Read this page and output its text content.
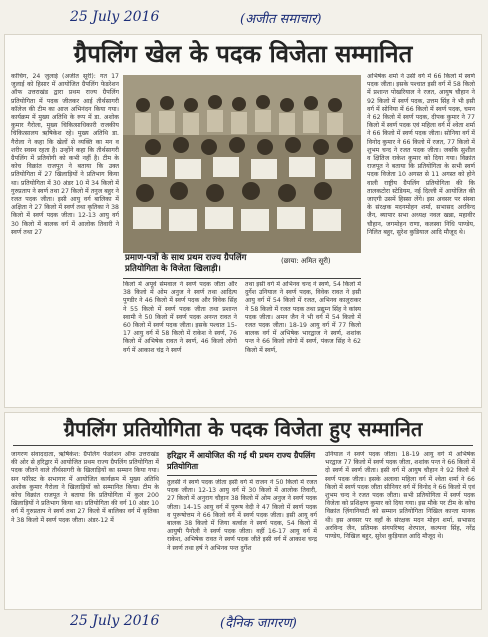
25 July 2016	(अजीत समाचार)
ग्रैपलिंग खेल के पदक विजेता सम्मानित
कोचिंग, 24 जुलाई (अजीत सूरी): गत 17 जुलाई को हिसार में आयोजित ग्रैपलिंग फेडरेशन ऑफ उत्तराखंड द्वारा प्रथम राज्य ग्रैपलिंग प्रतियोगिता में पदक जीतकर आई तीर्थसागरी कॉलेज की टीम का आज अभिनंदन किया गया। कार्यक्रम में मुख्य अतिथि के रूप में डा. अशोक कुमार गैरोला, मुख्य चिकित्साधिकारी राजकीय चिकित्सालय ऋषिकेश रहे। मुख्य अतिथि डा. गैरोला ने कहा कि खेलों से व्यक्ति का मन व शरीर स्वस्थ रहता है। उन्होंने कहा कि तीर्थसागरी ग्रैपलिंग में प्रतियोगी को कभी नहीं है। टीम के कोच विक्रांत राजपूत ने बताया कि उक्त प्रतियोगिता में 27 खिलाड़ियों ने प्रतिभाग किया था। प्रतियोगिता में 30 अंडर 10 में 34 किलो में गुरुप्रताप ने स्वर्ण तथा 27 किलो में तनुज बहुर ने रजत पदक जीता। इसी आयु वर्ग बालिका में अक्षिता ने 27 किलो में स्वर्ण तथा कृतिका ने 38 किलो में स्वर्ण पदक जीता। 12-13 आयु वर्ग 30 किलो में बालक वर्ग में आलोक तिवारी ने स्वर्ण तथा 27
(छाया: अमित सूरी)
प्रमाण-पत्रों के साथ प्रथम राज्य ग्रैपलिंग प्रतियोगिता के विजेता खिलाड़ी।
किलो में अपूर्व सेमवाल ने स्वर्ण पदक जीता और 38 किलो में ओम अनुज ने स्वर्ण तथा आदित्य पुण्डीर ने 46 किलो में स्वर्ण पदक और विवेक सिंह ने 55 किलो में स्वर्ण पदक जीता तथा प्रशान्त स्वामी ने 50 किलो में स्वर्ण पदक अनन्त रावत ने 60 किलो में स्वर्ण पदक जीता। इसके पश्चात 15-17 आयु वर्ग में 58 किलो में राकेश ने स्वर्ण, 76 किलो में अभिषेक रावत ने स्वर्ण, 46 किलो लोगो वर्ग में आकाश चंद्र ने स्वर्ण
तथा इसी वर्ग में अभिनव चन्द ने स्वर्ण, 54 किलो में दुर्गेश उनियाल ने स्वर्ण पदक, विवेक रावत ने इसी आयु वर्ग में 54 किलो में रजत, अभिनव कालुराकर ने 58 किलो में रजत पदक तथा प्रद्युम्न सिंह ने कांस्य पदक जीता। अमन जैन ने भी वर्ग में 54 किलो में रजत पदक जीता। 18-19 आयु वर्ग में 77 किलो बालक वर्ग में अभिषेक भारद्वाज ने स्वर्ण, शशांक पन्त ने 66 किलो लोगो में स्वर्ण, पंकज सिंह ने 62 किलो में स्वर्ण,
अभिषेक शर्मा ने उसी वर्ग में 66 किलो में स्वर्ण पदक जीता। इसके पश्चात इसी वर्ग में 58 किलो में प्रशान्त पोखरियाल ने रजत, आयुष चौहान ने 92 किलो में स्वर्ण पदक, उत्तम सिंह ने भी इसी वर्ग में सोनिया में 66 किलो में स्वर्ण पदक, चमन ने 62 किलो में स्वर्ण पदक, दीपक कुमार ने 77 किलो में स्वर्ण पदक एवं महिला वर्ग में श्वेता शर्मा ने 66 किलो में स्वर्ण पदक जीता। सोनिया वर्ग में विनोद कुमार ने 66 किलो में रजत, 77 किलो में शुभम चन्द ने रजत पदक जीता। जबकि सुशील व क्षितिज राकेश कुमार को दिया गया। विक्रांत राजपूत ने बताया कि प्रतियोगिता के सभी स्वर्ण पदक विजेता 10 अगस्त से 11 अगस्त को होने वाली राष्ट्रीय ग्रैपलिंग प्रतियोगिता की कि तालकटोरा स्टेडियम, नई दिल्ली में आयोजित की जाएगी उसमें हिस्सा लेंगे। इस अवसर पर संस्था के संरक्षक मदनमोहन शर्मा, सभासद अरविन्द जैन, ब्यापार सभा अध्यक्ष नवल खन्ना, महावीर चौहान, जगमोहन राणा, कलस्वा निधि पाण्डेय, निलित बहुर, सुरेश कुडियाल आदि मौजूद थे।
ग्रैपलिंग प्रतियोगिता के पदक विजेता हुए सम्मानित
जागरण संवाददाता, ऋषिकेश: ग्रैपलिंग फेडरेशन ऑफ उत्तराखंड की ओर से हरिद्वार में आयोजित प्रथम राज्य ग्रैपलिंग प्रतियोगिता में पदक जीतने वाले तीर्थसागरी के खिलाड़ियों का सम्मान किया गया। सन फॉरेस्ट के सभागार में आयोजित कार्यक्रम में मुख्य अतिथि अशोक कुमार गैरोला ने खिलाड़ियों को सम्मानित किया। टीम के कोच विक्रांत राजपूत ने बताया कि प्रतियोगिता में कुल 200 खिलाड़ियों ने प्रतिभाग किया था। प्रतियोगिता की वर्ग 10 अंडर 10 वर्ग में गुरुप्रताप ने स्वर्ण तथा 27 किलो में बालिका वर्ग में कृतिका ने 38 किलो में स्वर्ण पदक जीता। अंडर-12 में
हरिद्वार में आयोजित की गई थी प्रथम राज्य ग्रैपलिंग प्रतियोगिता
तुलसी ने स्वर्ण पदक जीता इसी वर्ग में राजन ने 50 किलो में रजत पदक जीता। 12-13 आयु वर्ग में 30 किलो में आलोक तिवारी, 27 किलो में अनुराग चौहान 38 किलो में ओम अनुज ने स्वर्ण पदक जीता। 14-15 आयु वर्ग में पुरूष वेदी ने 47 किलो में स्वर्ण पदक व पुरूषोत्तम ने 66 किलो वर्ग में स्वर्ण पदक जीता। इसी आयु वर्ग बालक 38 किलो में जिया बर्त्वाल ने स्वर्ण पदक, 54 किलो में आयुषी पैनोली ने स्वर्ण पदक जीता। वहीं 16-17 आयु वर्ग में राकेश, अभिषेक रावत ने स्वर्ण पदक जीते इसी वर्ग में आकाश चन्द्र ने स्वर्ण तथा हर्ष ने अभिनव पन्त दुर्गेश
उनियाल ने स्वर्ण पदक जीता। 18-19 आयु वर्ग में अभिषेक भरद्वाज 77 किलो में स्वर्ण पदक जीता, शशांक पन्त ने 66 किलो में दो स्वर्ण में स्वर्ण जीता। इसी वर्ग में आयुष चौहान ने 92 किलो में स्वर्ण पदक जीता। इसके अलावा महिला वर्ग में श्वेता शर्मा ने 66 किलो में स्वर्ण पदक जीता सीनियर वर्ग में विनोद ने 66 किलो में एवं शुभम चन्द ने रजत पदक जीता। सभी प्रतियोगिता में स्वर्ण पदक विजेता को प्रशिक्षण कुमार को दिया गया। इस मौके पर टीम के कोच विक्रांत ज़िंगानियाटी को सम्मान प्रतियोगिता निखिल कान्ता मानक थी। इस अवसर पर वहाँ के संरक्षक मदन मोहन शर्मा, सभासद अरविन्द जैन, प्रतिमक संगपरिषद शेरपाल, कल्पना सिंह, नरेंद्र पाण्डेय, निखिल बहुर, सुरेश कुड़ियाल आदि मौजूद थे।
25 July 2016	(दैनिक जागरण)
